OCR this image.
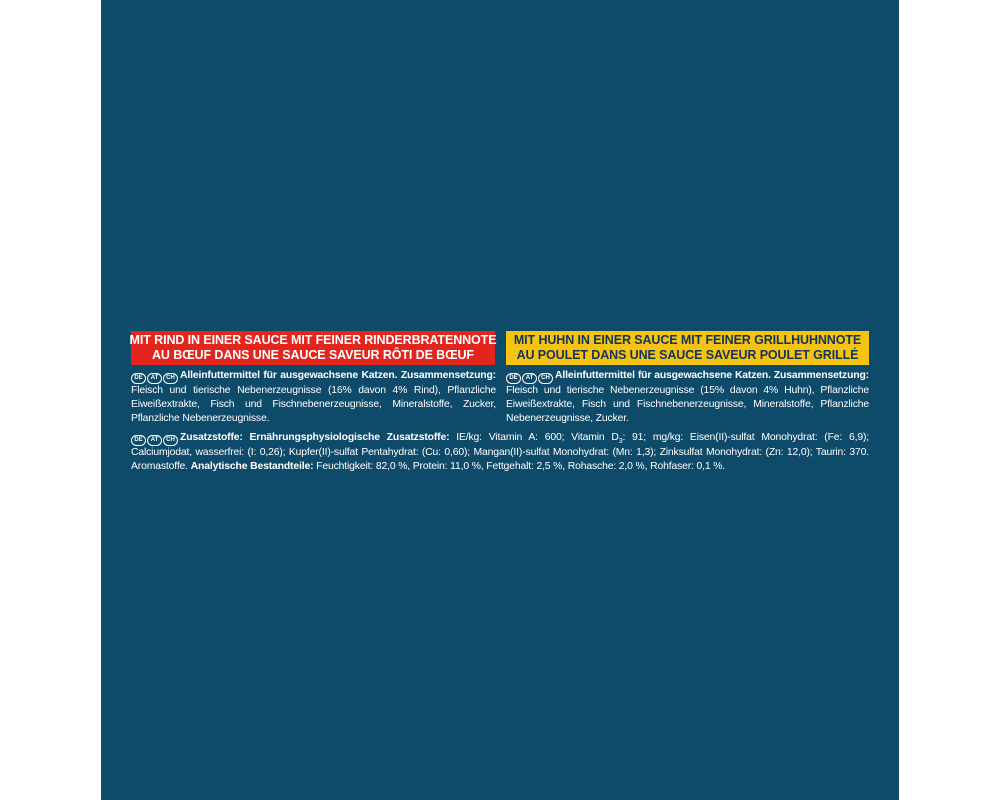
MIT RIND IN EINER SAUCE MIT FEINER RINDERBRATENNOTE
AU BŒUF DANS UNE SAUCE SAVEUR RÔTI DE BŒUF
MIT HUHN IN EINER SAUCE MIT FEINER GRILLHUHNNOTE
AU POULET DANS UNE SAUCE SAVEUR POULET GRILLÉ
DE	AT	CH Alleinfuttermittel für ausgewachsene Katzen. Zusammensetzung: Fleisch und tierische Nebenerzeugnisse (16% davon 4% Rind), Pflanzliche Eiweißextrakte, Fisch und Fischnebenerzeugnisse, Mineralstoffe, Zucker, Pflanzliche Nebenerzeugnisse.
DE	AT	CH Alleinfuttermittel für ausgewachsene Katzen. Zusammensetzung: Fleisch und tierische Nebenerzeugnisse (15% davon 4% Huhn), Pflanzliche Eiweißextrakte, Fisch und Fischnebenerzeugnisse, Mineralstoffe, Pflanzliche Nebenerzeugnisse, Zucker.
DE	AT	CH Zusatzstoffe: Ernährungsphysiologische Zusatzstoffe: IE/kg: Vitamin A: 600; Vitamin $D_3$: 91; mg/kg: Eisen(II)-sulfat Monohydrat: (Fe: 6,9); Calciumjodat, wasserfrei: (I: 0,26); Kupfer(II)-sulfat Pentahydrat: (Cu: 0,60); Mangan(II)-sulfat Monohydrat: (Mn: 1,3); Zinksulfat Monohydrat: (Zn: 12,0); Taurin: 370. Aromastoffe. Analytische Bestandteile: Feuchtigkeit: 82,0 %, Protein: 11,0 %, Fettgehalt: 2,5 %, Rohasche: 2,0 %, Rohfaser: 0,1 %.
